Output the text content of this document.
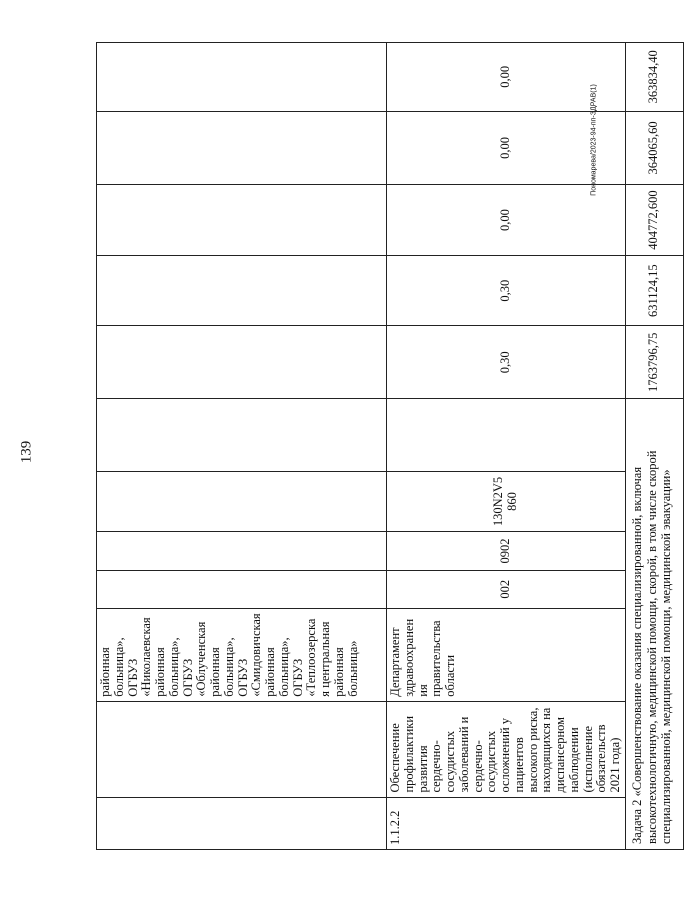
139
Пономарева/2023-94-пп-ЗДРАВ(1)
		районная больница», ОГБУЗ «Николаевская районная больница», ОГБУЗ «Облученская районная больница», ОГБУЗ «Смидовичская районная больница», ОГБУЗ «Теплоозерская центральная районная больница»									
1.1.2.2	Обеспечение профилактики развития сердечно-сосудистых заболеваний и сердечно-сосудистых осложнений у пациентов высокого риска, находящихся на диспансерном наблюдении (исполнение обязательств 2021 года)	Департамент здравоохранения правительства области	002	0902	130N2V5860		0,30	0,30	0,00	0,00	0,00
Задача 2 «Совершенствование оказания специализированной, включая высокотехнологичную, медицинской помощи, скорой, в том числе скорой специализированной, медицинской помощи, медицинской эвакуации»							1763796,75	631124,15	404772,600	364065,60	363834,40
